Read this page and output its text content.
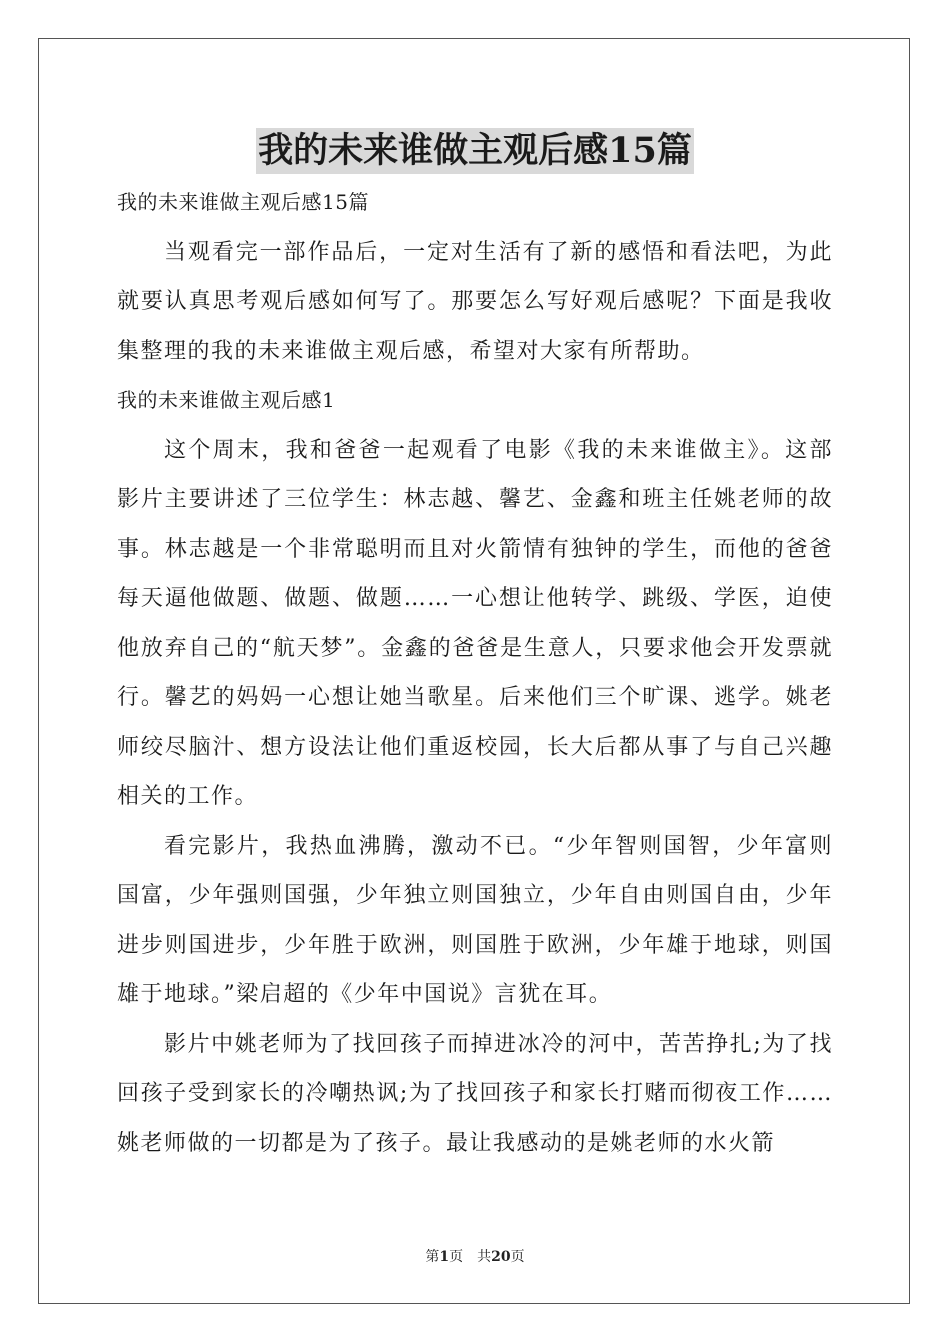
我的未来谁做主观后感15篇

我的未来谁做主观后感15篇

当观看完一部作品后，一定对生活有了新的感悟和看法吧，为此就要认真思考观后感如何写了。那要怎么写好观后感呢？下面是我收集整理的我的未来谁做主观后感，希望对大家有所帮助。

我的未来谁做主观后感1

这个周末，我和爸爸一起观看了电影《我的未来谁做主》。这部影片主要讲述了三位学生：林志越、馨艺、金鑫和班主任姚老师的故事。林志越是一个非常聪明而且对火箭情有独钟的学生，而他的爸爸每天逼他做题、做题、做题……一心想让他转学、跳级、学医，迫使他放弃自己的“航天梦”。金鑫的爸爸是生意人，只要求他会开发票就行。馨艺的妈妈一心想让她当歌星。后来他们三个旷课、逃学。姚老师绞尽脑汁、想方设法让他们重返校园，长大后都从事了与自己兴趣相关的工作。

看完影片，我热血沸腾，激动不已。“少年智则国智，少年富则国富，少年强则国强，少年独立则国独立，少年自由则国自由，少年进步则国进步，少年胜于欧洲，则国胜于欧洲，少年雄于地球，则国雄于地球。”梁启超的《少年中国说》言犹在耳。

影片中姚老师为了找回孩子而掉进冰冷的河中，苦苦挣扎;为了找回孩子受到家长的冷嘲热讽;为了找回孩子和家长打赌而彻夜工作……姚老师做的一切都是为了孩子。最让我感动的是姚老师的水火箭

第1页 共20页
